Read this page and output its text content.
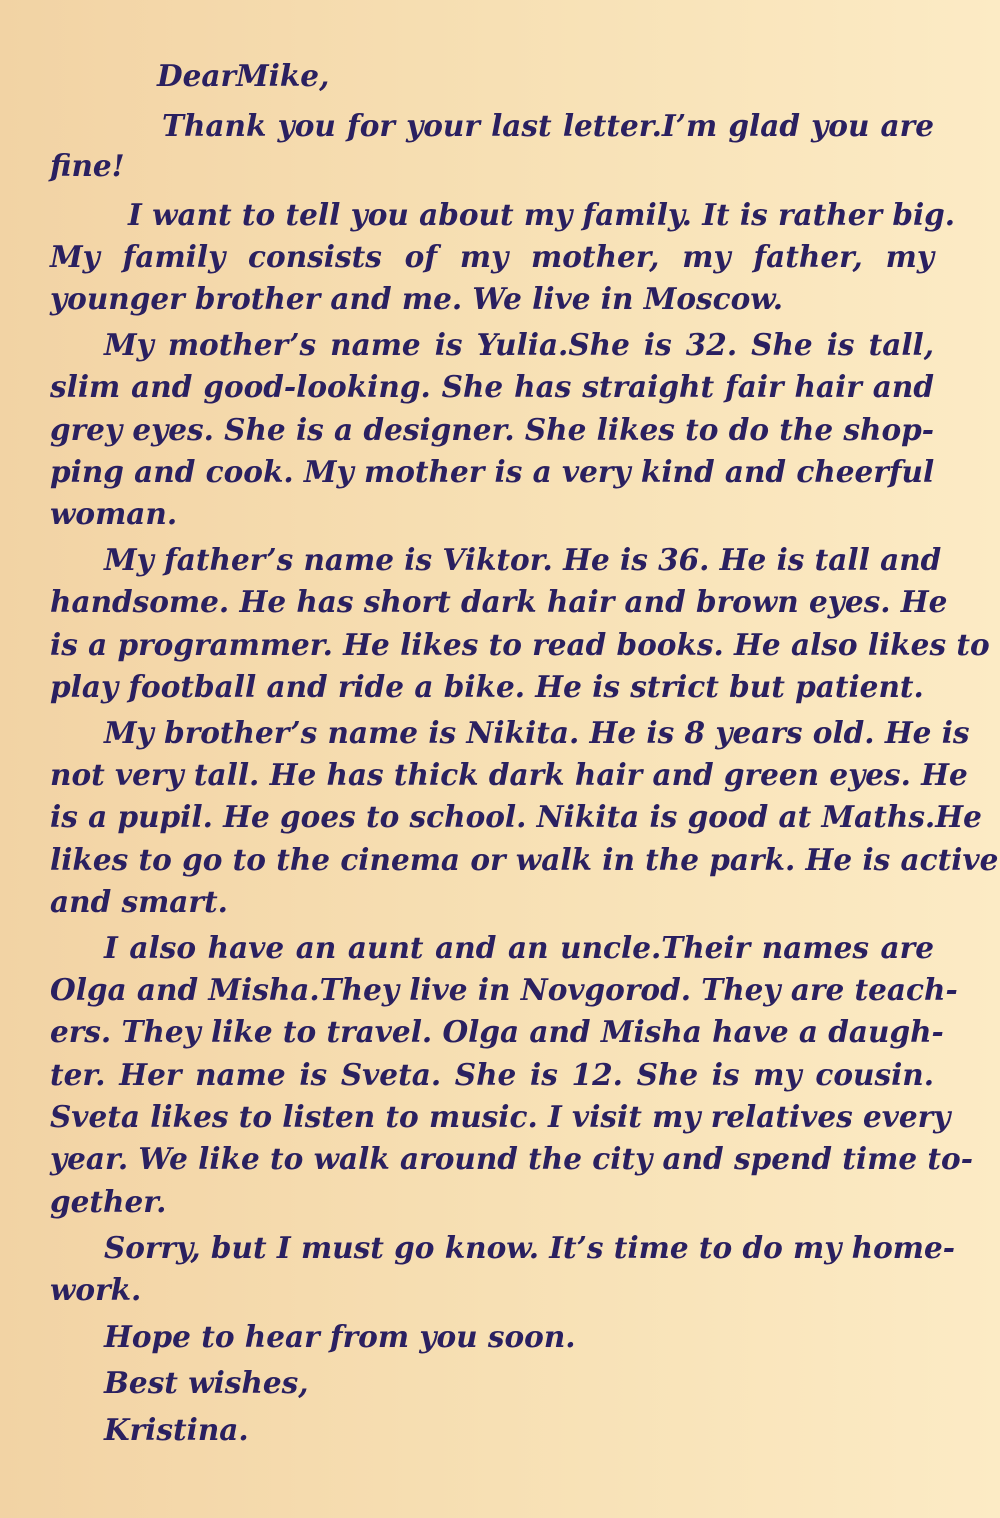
DearMike,
Thank you for your last letter.I’m glad you are
fine!
I want to tell you about my family. It is rather big.
My family consists of my mother, my father, my
younger brother and me. We live in Moscow.
My mother’s name is Yulia.She is 32. She is tall,
slim and good-looking. She has straight fair hair and
grey eyes. She is a designer. She likes to do the shop-
ping and cook. My mother is a very kind and cheerful
woman.
My father’s name is Viktor. He is 36. He is tall and
handsome. He has short dark hair and brown eyes. He
is a programmer. He likes to read books. He also likes to
play football and ride a bike. He is strict but patient.
My brother’s name is Nikita. He is 8 years old. He is
not very tall. He has thick dark hair and green eyes. He
is a pupil. He goes to school. Nikita is good at Maths.He
likes to go to the cinema or walk in the park. He is active
and smart.
I also have an aunt and an uncle.Their names are
Olga and Misha.They live in Novgorod. They are teach-
ers. They like to travel. Olga and Misha have a daugh-
ter. Her name is Sveta. She is 12. She is my cousin.
Sveta likes to listen to music. I visit my relatives every
year. We like to walk around the city and spend time to-
gether.
Sorry, but I must go know. It’s time to do my home-
work.
Hope to hear from you soon.
Best wishes,
Kristina.
